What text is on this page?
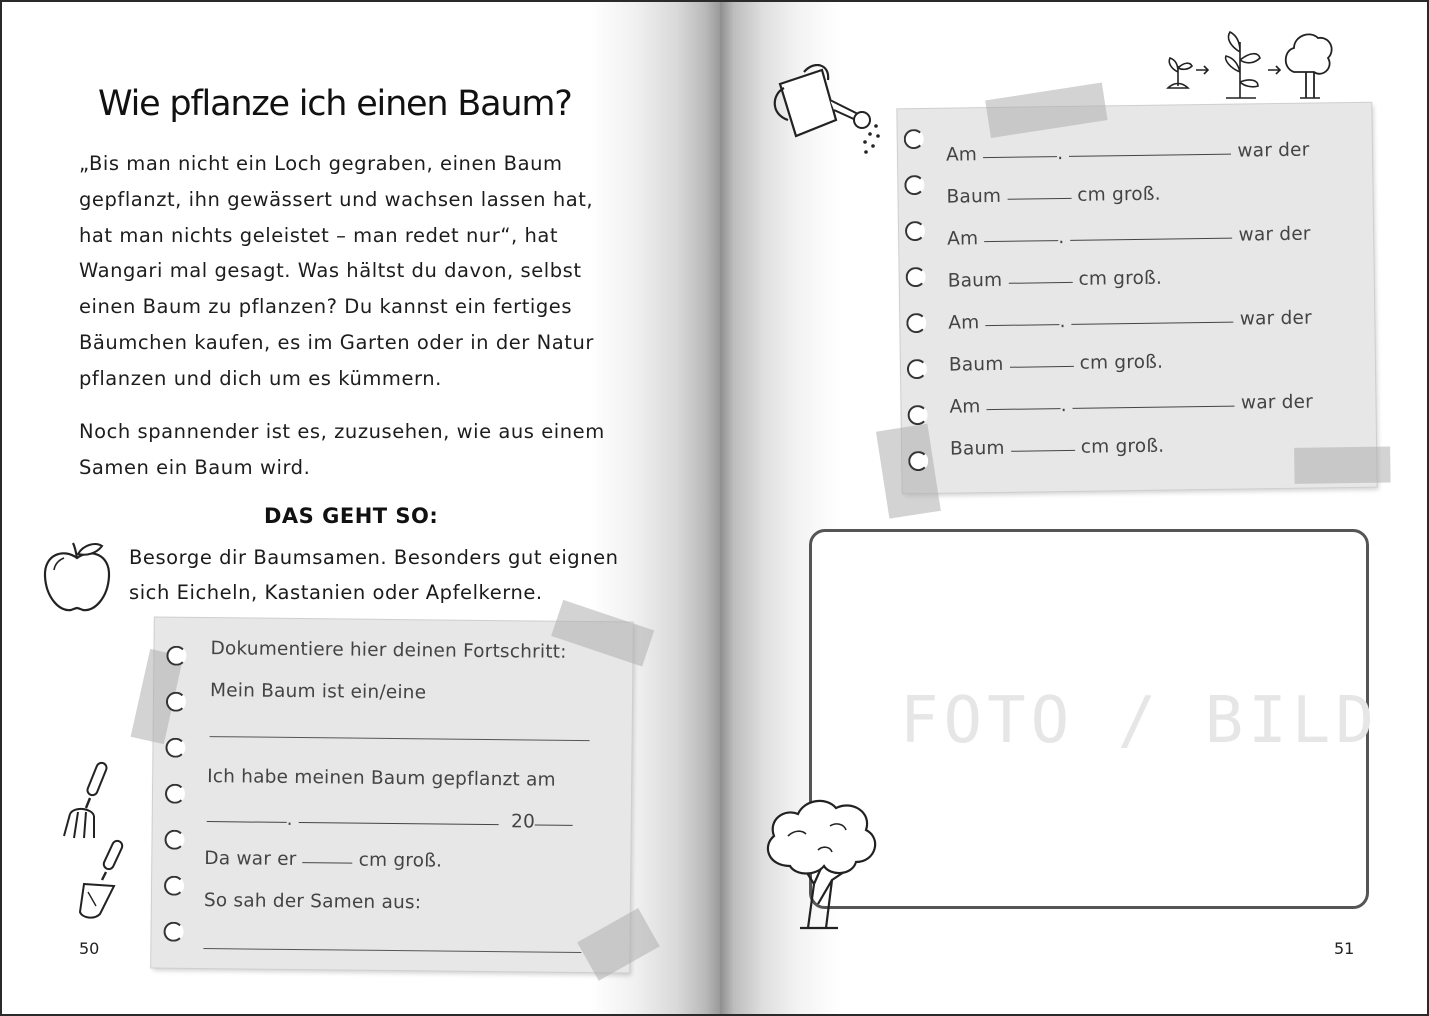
Wie pflanze ich einen Baum?
„Bis man nicht ein Loch gegraben, einen Baum
gepflanzt, ihn gewässert und wachsen lassen hat,
hat man nichts geleistet – man redet nur“, hat
Wangari mal gesagt. Was hältst du davon, selbst
einen Baum zu pflanzen? Du kannst ein fertiges
Bäumchen kaufen, es im Garten oder in der Natur
pflanzen und dich um es kümmern.
Noch spannender ist es, zuzusehen, wie aus einem
Samen ein Baum wird.
DAS GEHT SO:
Besorge dir Baumsamen. Besonders gut eignen
sich Eicheln, Kastanien oder Apfelkerne.
Dokumentiere hier deinen Fortschritt:
Mein Baum ist ein/eine
Ich habe meinen Baum gepflanzt am
.	20
Da war er	cm groß.
So sah der Samen aus:
50
Am	.	war der
Baum	cm groß.
Am	.	war der
Baum	cm groß.
Am	.	war der
Baum	cm groß.
Am	.	war der
Baum	cm groß.
FOTO / BILD
51
